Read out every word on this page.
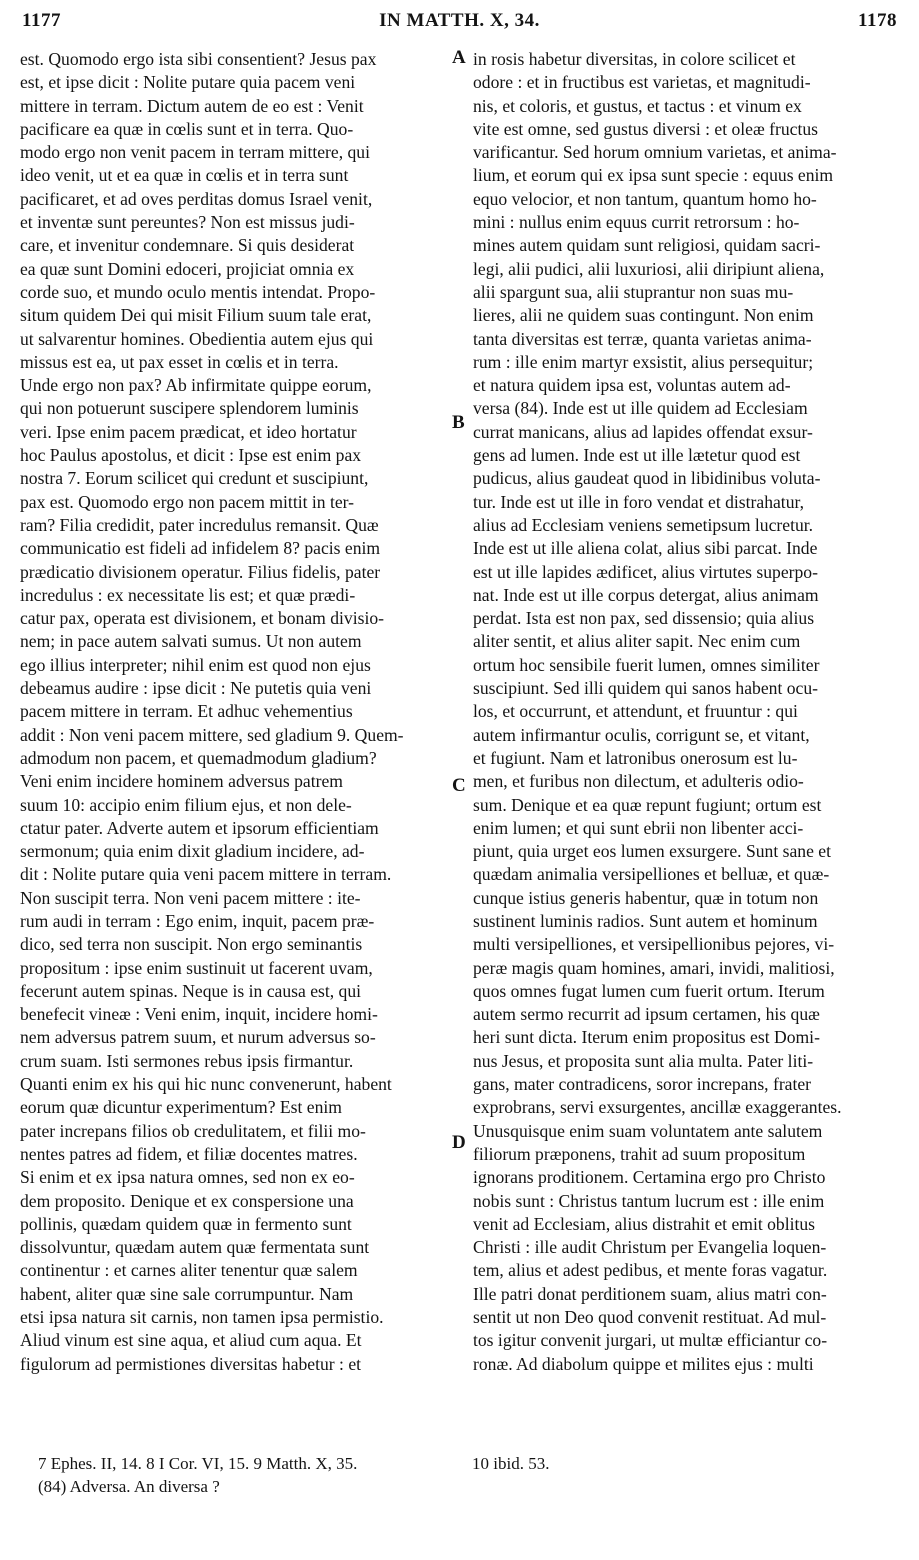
1177	IN MATTH. X, 34.	1178
est. Quomodo ergo ista sibi consentient? Jesus pax
est, et ipse dicit : Nolite putare quia pacem veni
mittere in terram. Dictum autem de eo est : Venit
pacificare ea quæ in cœlis sunt et in terra. Quo-
modo ergo non venit pacem in terram mittere, qui
ideo venit, ut et ea quæ in cœlis et in terra sunt
pacificaret, et ad oves perditas domus Israel venit,
et inventæ sunt pereuntes? Non est missus judi-
care, et invenitur condemnare. Si quis desiderat
ea quæ sunt Domini edoceri, projiciat omnia ex
corde suo, et mundo oculo mentis intendat. Propo-
situm quidem Dei qui misit Filium suum tale erat,
ut salvarentur homines. Obedientia autem ejus qui
missus est ea, ut pax esset in cœlis et in terra.
Unde ergo non pax? Ab infirmitate quippe eorum,
qui non potuerunt suscipere splendorem luminis
veri. Ipse enim pacem prædicat, et ideo hortatur
hoc Paulus apostolus, et dicit : Ipse est enim pax
nostra 7. Eorum scilicet qui credunt et suscipiunt,
pax est. Quomodo ergo non pacem mittit in ter-
ram? Filia credidit, pater incredulus remansit. Quæ
communicatio est fideli ad infidelem 8? pacis enim
prædicatio divisionem operatur. Filius fidelis, pater
incredulus : ex necessitate lis est; et quæ prædi-
catur pax, operata est divisionem, et bonam divisio-
nem; in pace autem salvati sumus. Ut non autem
ego illius interpreter; nihil enim est quod non ejus
debeamus audire : ipse dicit : Ne putetis quia veni
pacem mittere in terram. Et adhuc vehementius
addit : Non veni pacem mittere, sed gladium 9. Quem-
admodum non pacem, et quemadmodum gladium?
Veni enim incidere hominem adversus patrem
suum 10: accipio enim filium ejus, et non dele-
ctatur pater. Adverte autem et ipsorum efficientiam
sermonum; quia enim dixit gladium incidere, ad-
dit : Nolite putare quia veni pacem mittere in terram.
Non suscipit terra. Non veni pacem mittere : ite-
rum audi in terram : Ego enim, inquit, pacem præ-
dico, sed terra non suscipit. Non ergo seminantis
propositum : ipse enim sustinuit ut facerent uvam,
fecerunt autem spinas. Neque is in causa est, qui
benefecit vineæ : Veni enim, inquit, incidere homi-
nem adversus patrem suum, et nurum adversus so-
crum suam. Isti sermones rebus ipsis firmantur.
Quanti enim ex his qui hic nunc convenerunt, habent
eorum quæ dicuntur experimentum? Est enim
pater increpans filios ob credulitatem, et filii mo-
nentes patres ad fidem, et filiæ docentes matres.
Si enim et ex ipsa natura omnes, sed non ex eo-
dem proposito. Denique et ex conspersione una
pollinis, quædam quidem quæ in fermento sunt
dissolvuntur, quædam autem quæ fermentata sunt
continentur : et carnes aliter tenentur quæ salem
habent, aliter quæ sine sale corrumpuntur. Nam
etsi ipsa natura sit carnis, non tamen ipsa permistio.
Aliud vinum est sine aqua, et aliud cum aqua. Et
figulorum ad permistiones diversitas habetur : et
in rosis habetur diversitas, in colore scilicet et
odore : et in fructibus est varietas, et magnitudi-
nis, et coloris, et gustus, et tactus : et vinum ex
vite est omne, sed gustus diversi : et oleæ fructus
varificantur. Sed horum omnium varietas, et anima-
lium, et eorum qui ex ipsa sunt specie : equus enim
equo velocior, et non tantum, quantum homo ho-
mini : nullus enim equus currit retrorsum : ho-
mines autem quidam sunt religiosi, quidam sacri-
legi, alii pudici, alii luxuriosi, alii diripiunt aliena,
alii spargunt sua, alii stuprantur non suas mu-
lieres, alii ne quidem suas contingunt. Non enim
tanta diversitas est terræ, quanta varietas anima-
rum : ille enim martyr exsistit, alius persequitur;
et natura quidem ipsa est, voluntas autem ad-
versa (84). Inde est ut ille quidem ad Ecclesiam
currat manicans, alius ad lapides offendat exsur-
gens ad lumen. Inde est ut ille lætetur quod est
pudicus, alius gaudeat quod in libidinibus voluta-
tur. Inde est ut ille in foro vendat et distrahatur,
alius ad Ecclesiam veniens semetipsum lucretur.
Inde est ut ille aliena colat, alius sibi parcat. Inde
est ut ille lapides ædificet, alius virtutes superpo-
nat. Inde est ut ille corpus detergat, alius animam
perdat. Ista est non pax, sed dissensio; quia alius
aliter sentit, et alius aliter sapit. Nec enim cum
ortum hoc sensibile fuerit lumen, omnes similiter
suscipiunt. Sed illi quidem qui sanos habent ocu-
los, et occurrunt, et attendunt, et fruuntur : qui
autem infirmantur oculis, corrigunt se, et vitant,
et fugiunt. Nam et latronibus onerosum est lu-
men, et furibus non dilectum, et adulteris odio-
sum. Denique et ea quæ repunt fugiunt; ortum est
enim lumen; et qui sunt ebrii non libenter acci-
piunt, quia urget eos lumen exsurgere. Sunt sane et
quædam animalia versipelliones et belluæ, et quæ-
cunque istius generis habentur, quæ in totum non
sustinent luminis radios. Sunt autem et hominum
multi versipelliones, et versipellionibus pejores, vi-
peræ magis quam homines, amari, invidi, malitiosi,
quos omnes fugat lumen cum fuerit ortum. Iterum
autem sermo recurrit ad ipsum certamen, his quæ
heri sunt dicta. Iterum enim propositus est Domi-
nus Jesus, et proposita sunt alia multa. Pater liti-
gans, mater contradicens, soror increpans, frater
exprobrans, servi exsurgentes, ancillæ exaggerantes.
Unusquisque enim suam voluntatem ante salutem
filiorum præponens, trahit ad suum propositum
ignorans proditionem. Certamina ergo pro Christo
nobis sunt : Christus tantum lucrum est : ille enim
venit ad Ecclesiam, alius distrahit et emit oblitus
Christi : ille audit Christum per Evangelia loquen-
tem, alius et adest pedibus, et mente foras vagatur.
Ille patri donat perditionem suam, alius matri con-
sentit ut non Deo quod convenit restituat. Ad mul-
tos igitur convenit jurgari, ut multæ efficiantur co-
ronæ. Ad diabolum quippe et milites ejus : multi
A
B
C
D
7 Ephes. II, 14. 8 I Cor. VI, 15. 9 Matth. X, 35.
(84) Adversa. An diversa ?
10 ibid. 53.
